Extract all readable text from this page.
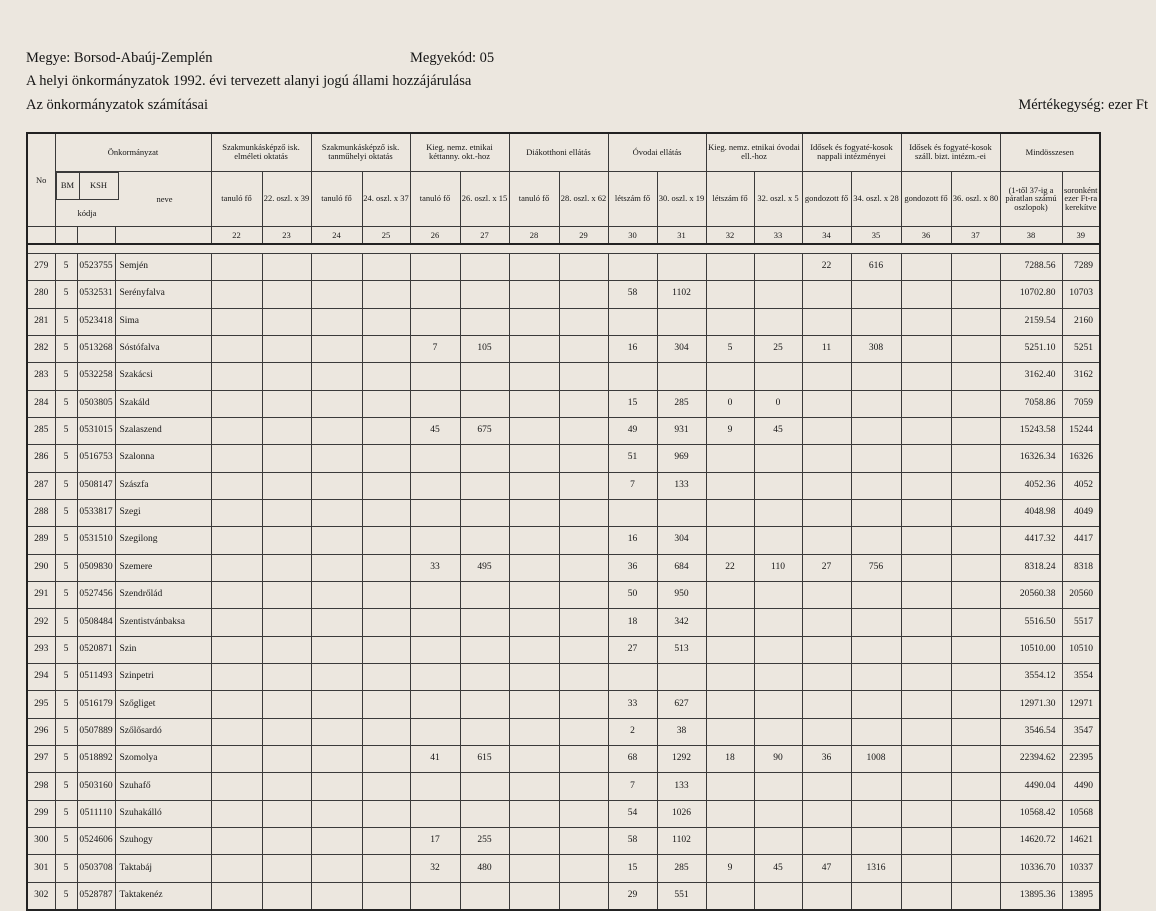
Megye: Borsod-Abaúj-Zemplén	Megyekód: 05
A helyi önkormányzatok 1992. évi tervezett alanyi jogú állami hozzájárulása
Az önkormányzatok számításai	Mértékegység: ezer Ft
No	Önkormányzat	Szakmunkásképző isk. elméleti oktatás	Szakmunkásképző isk. tanműhelyi oktatás	Kieg. nemz. etnikai kéttanny. okt.-hoz	Diákotthoni ellátás	Óvodai ellátás	Kieg. nemz. etnikai óvodai ell.-hoz	Idősek és fogyaté-kosok nappali intézményei	Idősek és fogyaté-kosok száll. bizt. intézm.-ei	Mindösszesen

BM	KSH	neve
kódja
	tanuló fő	22. oszl. x 39	tanuló fő	24. oszl. x 37	tanuló fő	26. oszl. x 15	tanuló fő	28. oszl. x 62	létszám fő	30. oszl. x 19	létszám fő	32. oszl. x 5	gondozott fő	34. oszl. x 28	gondozott fő	36. oszl. x 80	(1-től 37-ig a páratlan számú oszlopok)	soronként ezer Ft-ra kerekítve
				22	23	24	25	26	27	28	29	30	31	32	33	34	35	36	37	38	39

279	5	0523755	Semjén													22	616			7288.56	7289
280	5	0532531	Serényfalva									58	1102							10702.80	10703
281	5	0523418	Sima																	2159.54	2160
282	5	0513268	Sóstófalva					7	105			16	304	5	25	11	308			5251.10	5251
283	5	0532258	Szakácsi																	3162.40	3162
284	5	0503805	Szakáld									15	285	0	0					7058.86	7059
285	5	0531015	Szalaszend					45	675			49	931	9	45					15243.58	15244
286	5	0516753	Szalonna									51	969							16326.34	16326
287	5	0508147	Szászfa									7	133							4052.36	4052
288	5	0533817	Szegi																	4048.98	4049
289	5	0531510	Szegilong									16	304							4417.32	4417
290	5	0509830	Szemere					33	495			36	684	22	110	27	756			8318.24	8318
291	5	0527456	Szendrőlád									50	950							20560.38	20560
292	5	0508484	Szentistvánbaksa									18	342							5516.50	5517
293	5	0520871	Szin									27	513							10510.00	10510
294	5	0511493	Szinpetri																	3554.12	3554
295	5	0516179	Szőgliget									33	627							12971.30	12971
296	5	0507889	Szőlősardó									2	38							3546.54	3547
297	5	0518892	Szomolya					41	615			68	1292	18	90	36	1008			22394.62	22395
298	5	0503160	Szuhafő									7	133							4490.04	4490
299	5	0511110	Szuhakálló									54	1026							10568.42	10568
300	5	0524606	Szuhogy					17	255			58	1102							14620.72	14621
301	5	0503708	Taktabáj					32	480			15	285	9	45	47	1316			10336.70	10337
302	5	0528787	Taktakenéz									29	551							13895.36	13895
